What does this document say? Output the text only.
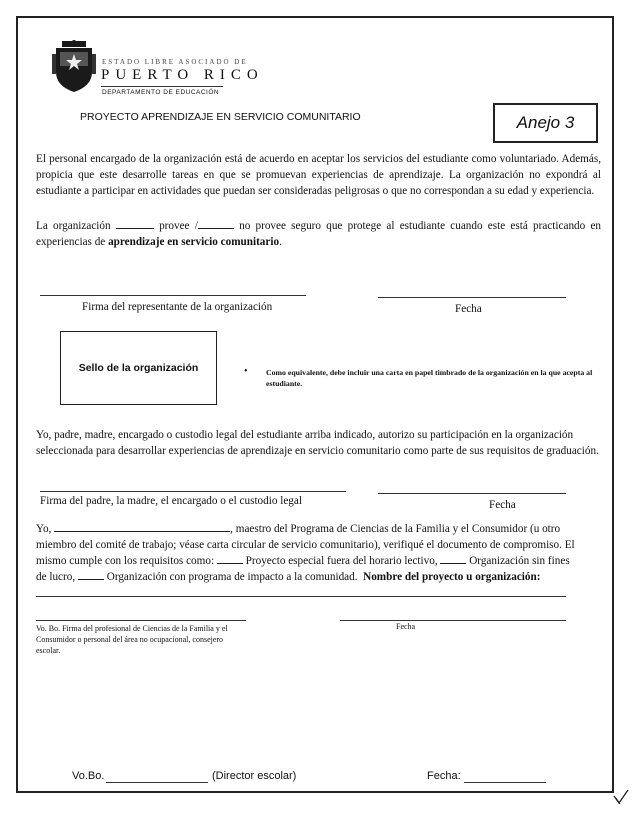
ESTADO LIBRE ASOCIADO DE
PUERTO RICO
DEPARTAMENTO DE EDUCACIÓN
PROYECTO APRENDIZAJE EN SERVICIO COMUNITARIO	Anejo 3
El personal encargado de la organización está de acuerdo en aceptar los servicios del estudiante como voluntariado. Además, propicia que este desarrolle tareas en que se promuevan experiencias de aprendizaje. La organización no expondrá al estudiante a participar en actividades que puedan ser consideradas peligrosas o que no correspondan a su edad y experiencia.
La organización	provee /	no provee seguro que protege al estudiante cuando este está practicando en experiencias de aprendizaje en servicio comunitario.
Firma del representante de la organización	Fecha
Sello de la organización	• Como equivalente, debe incluir una carta en papel timbrado de la organización en la que acepta al estudiante.
Yo, padre, madre, encargado o custodio legal del estudiante arriba indicado, autorizo su participación en la organización seleccionada para desarrollar experiencias de aprendizaje en servicio comunitario como parte de sus requisitos de graduación.
Firma del padre, la madre, el encargado o el custodio legal	Fecha
Yo,	, maestro del Programa de Ciencias de la Familia y el Consumidor (u otro
miembro del comité de trabajo; véase carta circular de servicio comunitario), verifiqué el documento de compromiso. El
mismo cumple con los requisitos como:	Proyecto especial fuera del horario lectivo,	Organización sin fines
de lucro,	Organización con programa de impacto a la comunidad. Nombre del proyecto u organización:
Vo. Bo. Firma del profesional de Ciencias de la Familia y el Consumidor o personal del área no ocupacional, consejero escolar.
Fecha
Vo.Bo.	(Director escolar)	Fecha:
